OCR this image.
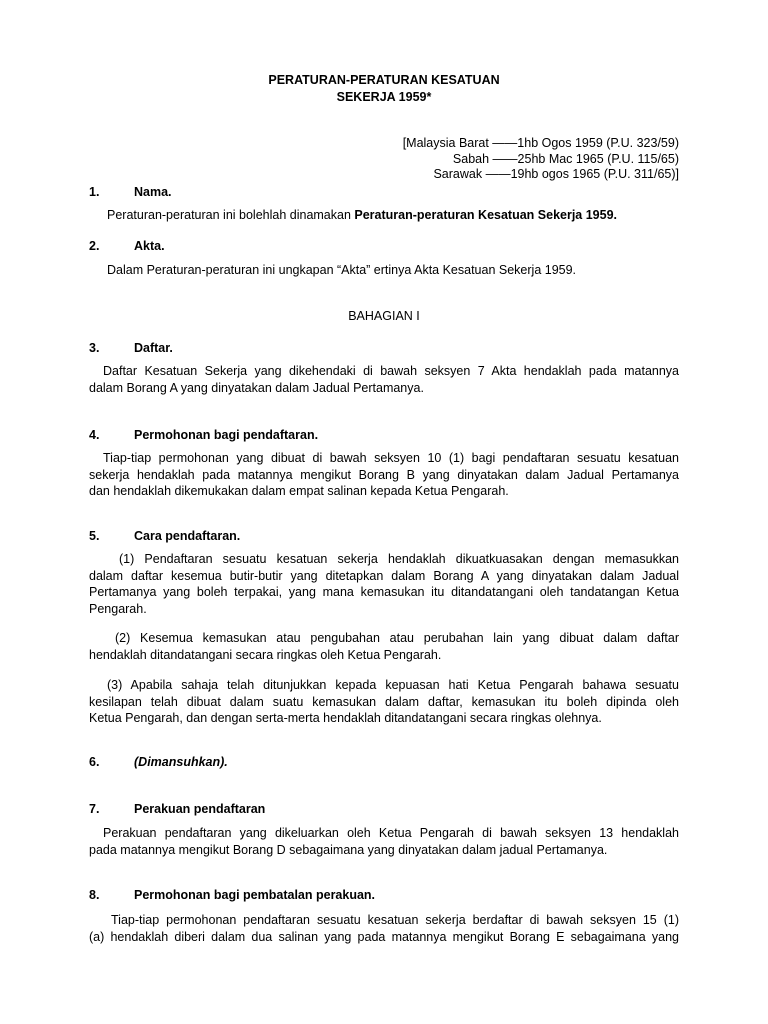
PERATURAN-PERATURAN KESATUAN
SEKERJA 1959*
[Malaysia Barat ——1hb Ogos 1959 (P.U. 323/59)
Sabah ——25hb Mac 1965 (P.U. 115/65)
Sarawak ——19hb ogos 1965 (P.U. 311/65)]
1.	Nama.
Peraturan-peraturan ini bolehlah dinamakan Peraturan-peraturan Kesatuan Sekerja 1959.
2.	Akta.
Dalam Peraturan-peraturan ini ungkapan “Akta” ertinya Akta Kesatuan Sekerja 1959.
BAHAGIAN I
3.	Daftar.
Daftar Kesatuan Sekerja yang dikehendaki di bawah seksyen 7 Akta hendaklah pada matannya
dalam Borang A yang dinyatakan dalam Jadual Pertamanya.
4.	Permohonan bagi pendaftaran.
Tiap-tiap permohonan yang dibuat di bawah seksyen 10 (1) bagi pendaftaran sesuatu kesatuan
sekerja hendaklah pada matannya mengikut Borang B yang dinyatakan dalam Jadual Pertamanya
dan hendaklah dikemukakan dalam empat salinan kepada Ketua Pengarah.
5.	Cara pendaftaran.
(1) Pendaftaran sesuatu kesatuan sekerja hendaklah dikuatkuasakan dengan memasukkan
dalam daftar kesemua butir-butir yang ditetapkan dalam Borang A yang dinyatakan dalam Jadual
Pertamanya yang boleh terpakai, yang mana kemasukan itu ditandatangani oleh tandatangan Ketua
Pengarah.
(2) Kesemua kemasukan atau pengubahan atau perubahan lain yang dibuat dalam daftar
hendaklah ditandatangani secara ringkas oleh Ketua Pengarah.
(3) Apabila sahaja telah ditunjukkan kepada kepuasan hati Ketua Pengarah bahawa sesuatu
kesilapan telah dibuat dalam suatu kemasukan dalam daftar, kemasukan itu boleh dipinda oleh
Ketua Pengarah, dan dengan serta-merta hendaklah ditandatangani secara ringkas olehnya.
6.	(Dimansuhkan).
7.	Perakuan pendaftaran
Perakuan pendaftaran yang dikeluarkan oleh Ketua Pengarah di bawah seksyen 13 hendaklah
pada matannya mengikut Borang D sebagaimana yang dinyatakan dalam jadual Pertamanya.
8.	Permohonan bagi pembatalan perakuan.
Tiap-tiap permohonan pendaftaran sesuatu kesatuan sekerja berdaftar di bawah seksyen 15 (1)
(a) hendaklah diberi dalam dua salinan yang pada matannya mengikut Borang E sebagaimana yang
